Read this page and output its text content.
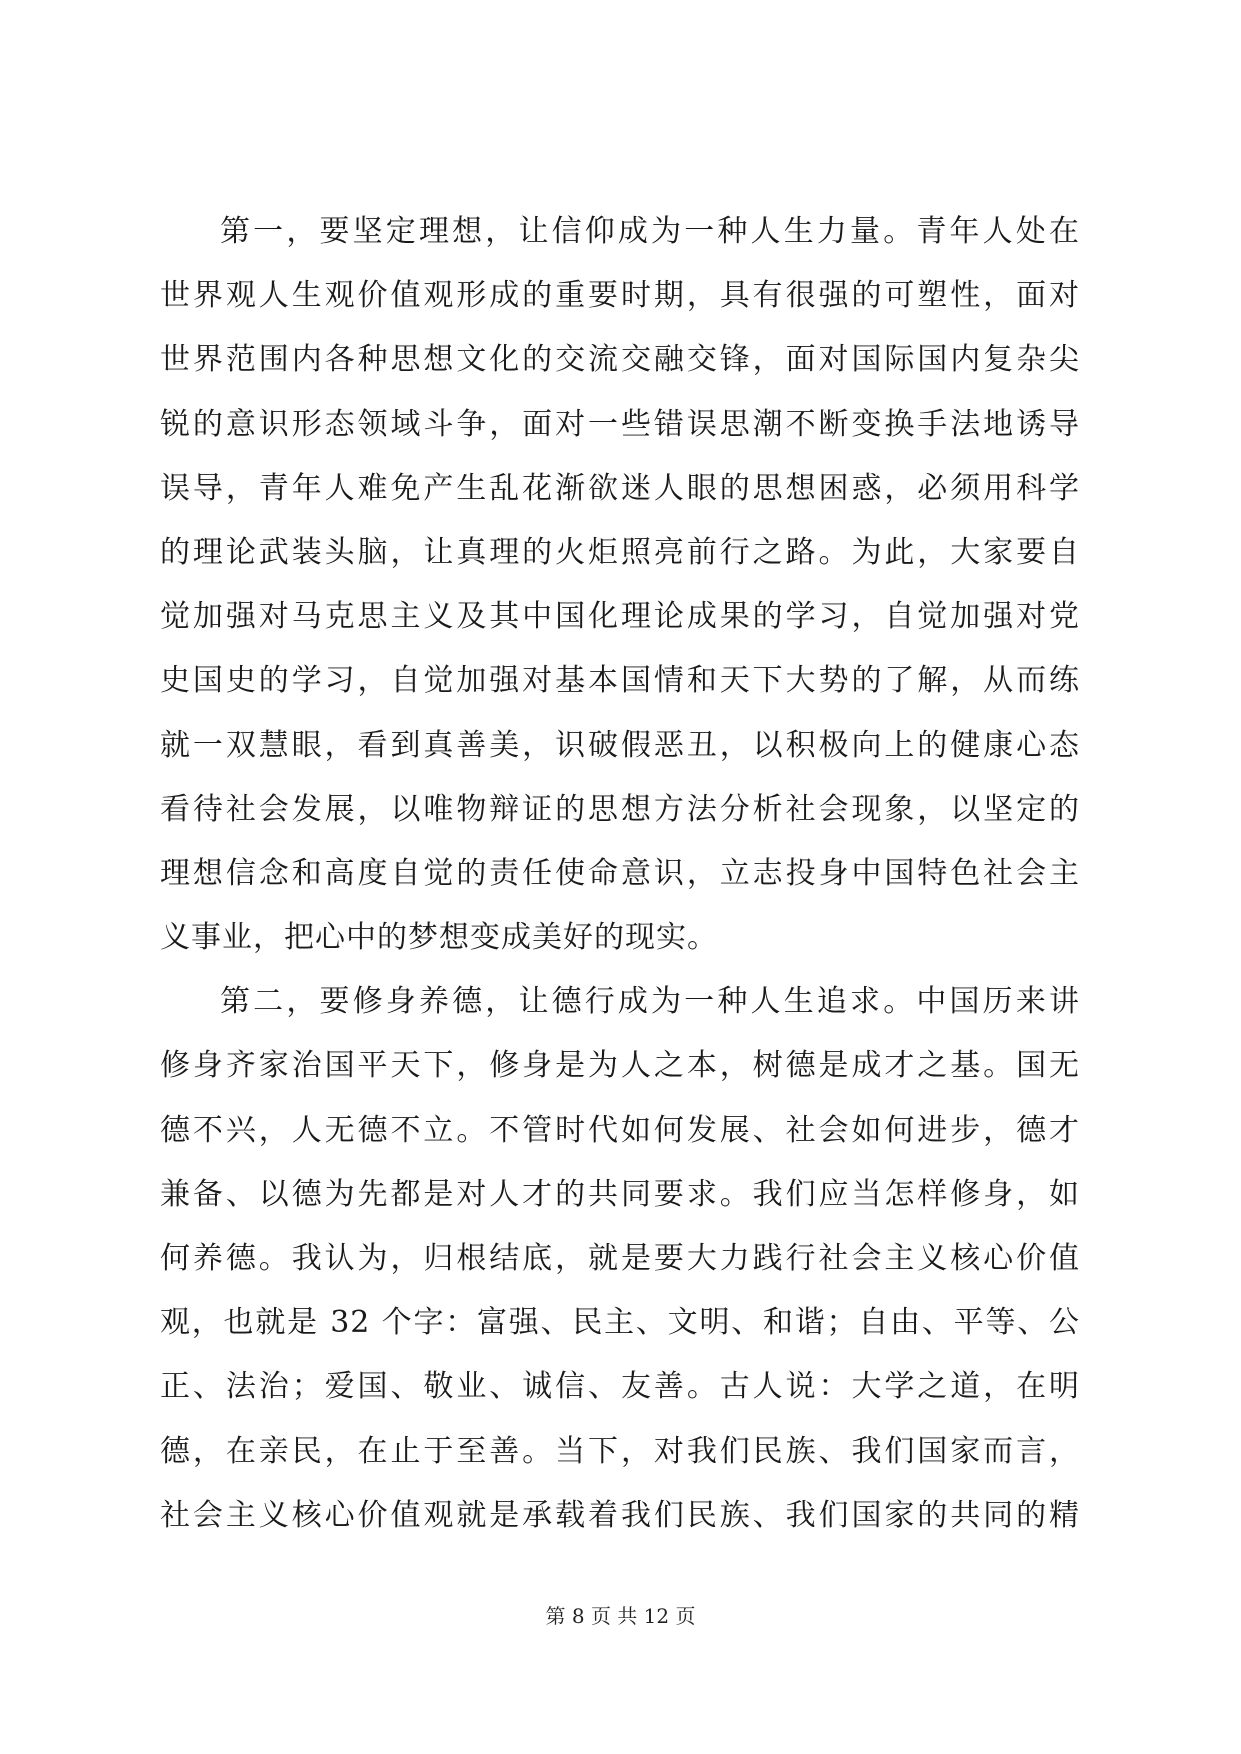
第一，要坚定理想，让信仰成为一种人生力量。青年人处在
世界观人生观价值观形成的重要时期，具有很强的可塑性，面对
世界范围内各种思想文化的交流交融交锋，面对国际国内复杂尖
锐的意识形态领域斗争，面对一些错误思潮不断变换手法地诱导
误导，青年人难免产生乱花渐欲迷人眼的思想困惑，必须用科学
的理论武装头脑，让真理的火炬照亮前行之路。为此，大家要自
觉加强对马克思主义及其中国化理论成果的学习，自觉加强对党
史国史的学习，自觉加强对基本国情和天下大势的了解，从而练
就一双慧眼，看到真善美，识破假恶丑，以积极向上的健康心态
看待社会发展，以唯物辩证的思想方法分析社会现象，以坚定的
理想信念和高度自觉的责任使命意识，立志投身中国特色社会主
义事业，把心中的梦想变成美好的现实。
第二，要修身养德，让德行成为一种人生追求。中国历来讲
修身齐家治国平天下，修身是为人之本，树德是成才之基。国无
德不兴，人无德不立。不管时代如何发展、社会如何进步，德才
兼备、以德为先都是对人才的共同要求。我们应当怎样修身，如
何养德。我认为，归根结底，就是要大力践行社会主义核心价值
观，也就是 32 个字：富强、民主、文明、和谐；自由、平等、公
正、法治；爱国、敬业、诚信、友善。古人说：大学之道，在明
德，在亲民，在止于至善。当下，对我们民族、我们国家而言，
社会主义核心价值观就是承载着我们民族、我们国家的共同的精
第 8 页 共 12 页
